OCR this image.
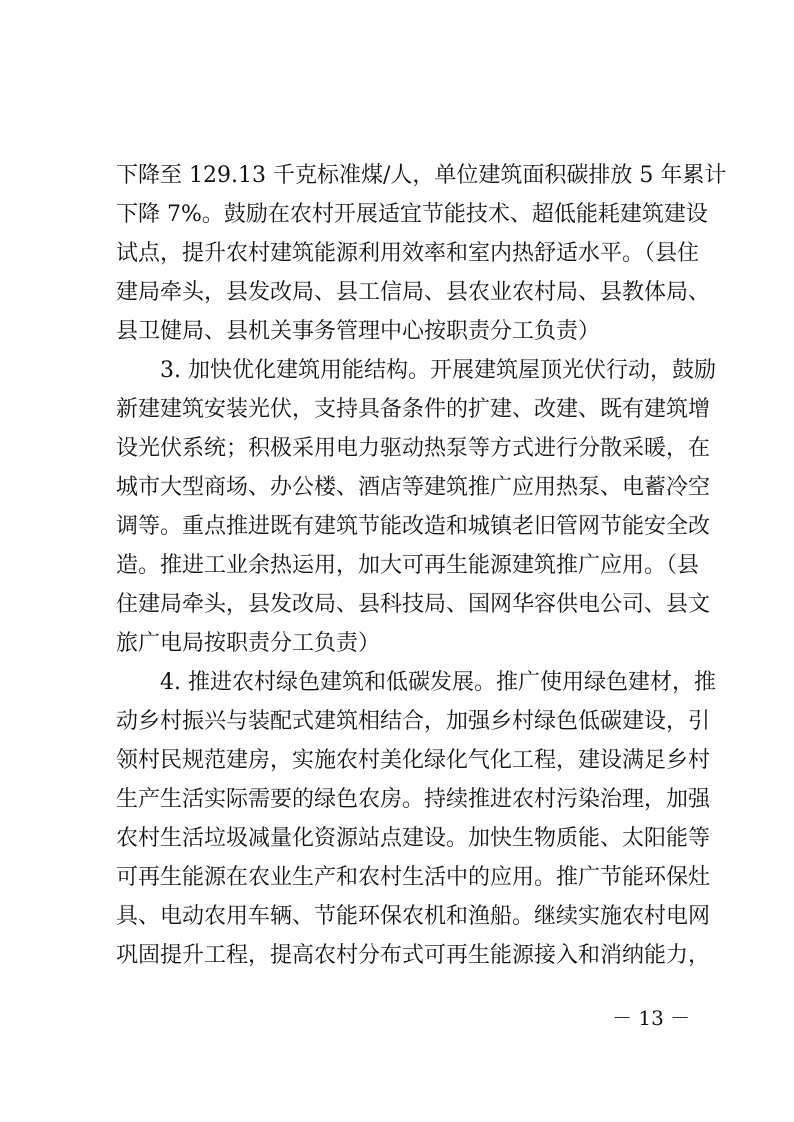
下降至 129.13 千克标准煤/人，单位建筑面积碳排放 5 年累计
下降 7%。鼓励在农村开展适宜节能技术、超低能耗建筑建设
试点，提升农村建筑能源利用效率和室内热舒适水平。（县住
建局牵头，县发改局、县工信局、县农业农村局、县教体局、
县卫健局、县机关事务管理中心按职责分工负责）
3. 加快优化建筑用能结构。开展建筑屋顶光伏行动，鼓励
新建建筑安装光伏，支持具备条件的扩建、改建、既有建筑增
设光伏系统；积极采用电力驱动热泵等方式进行分散采暖，在
城市大型商场、办公楼、酒店等建筑推广应用热泵、电蓄冷空
调等。重点推进既有建筑节能改造和城镇老旧管网节能安全改
造。推进工业余热运用，加大可再生能源建筑推广应用。（县
住建局牵头，县发改局、县科技局、国网华容供电公司、县文
旅广电局按职责分工负责）
4. 推进农村绿色建筑和低碳发展。推广使用绿色建材，推
动乡村振兴与装配式建筑相结合，加强乡村绿色低碳建设，引
领村民规范建房，实施农村美化绿化气化工程，建设满足乡村
生产生活实际需要的绿色农房。持续推进农村污染治理，加强
农村生活垃圾减量化资源站点建设。加快生物质能、太阳能等
可再生能源在农业生产和农村生活中的应用。推广节能环保灶
具、电动农用车辆、节能环保农机和渔船。继续实施农村电网
巩固提升工程，提高农村分布式可再生能源接入和消纳能力，
－ 13 －
